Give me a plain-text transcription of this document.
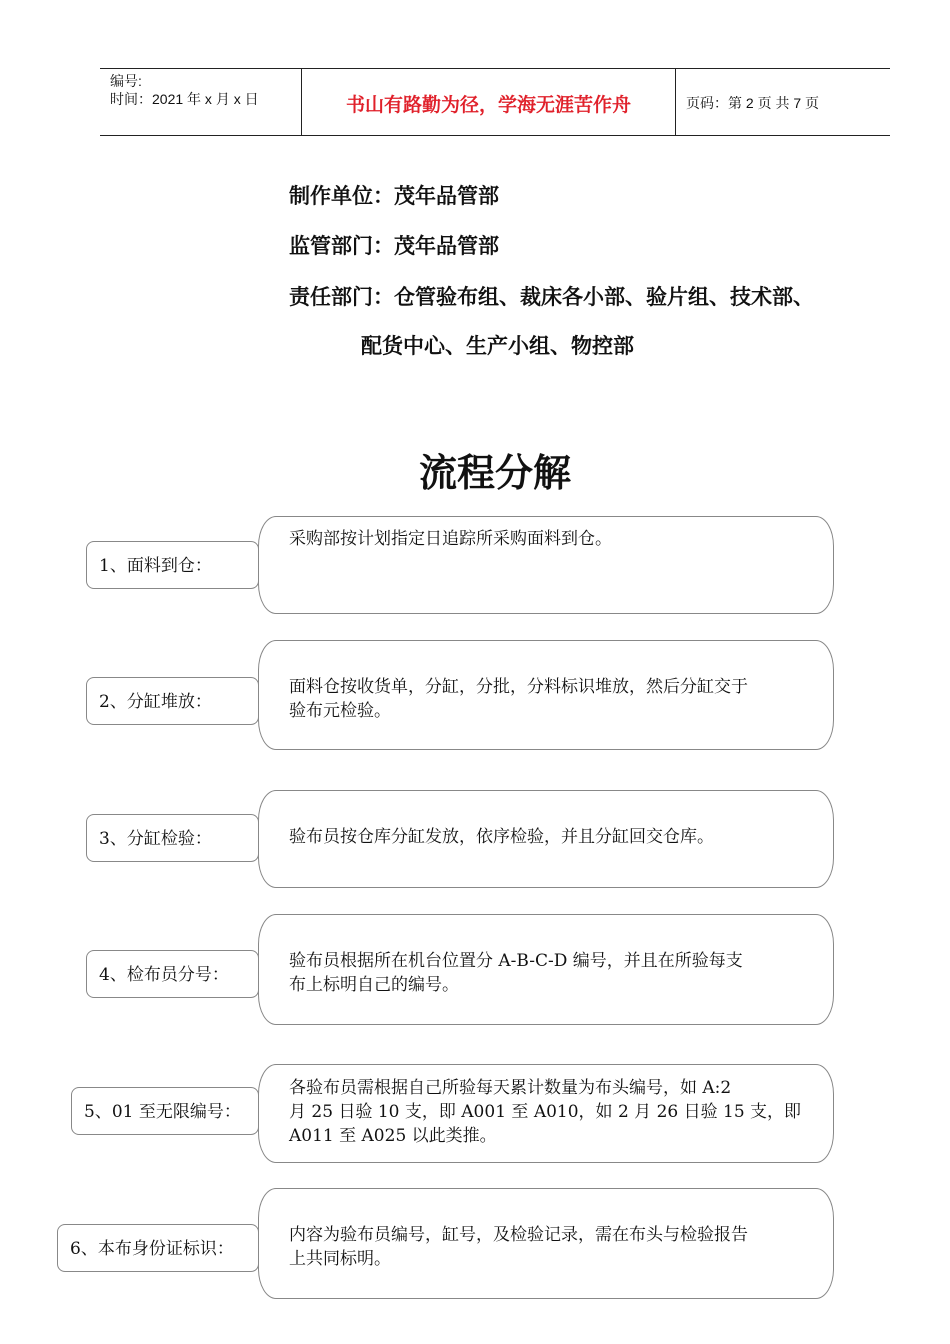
编号:
时间：2021 年 x 月 x 日	书山有路勤为径，学海无涯苦作舟	页码：第 2 页 共 7 页
制作单位：茂年品管部
监管部门：茂年品管部
责任部门：仓管验布组、裁床各小部、验片组、技术部、
配货中心、生产小组、物控部
流程分解
1、面料到仓：
采购部按计划指定日追踪所采购面料到仓。
2、分缸堆放：
面料仓按收货单，分缸，分批，分料标识堆放，然后分缸交于
验布元检验。
3、分缸检验：	验布员按仓库分缸发放，依序检验，并且分缸回交仓库。
4、检布员分号：
验布员根据所在机台位置分 A-B-C-D 编号，并且在所验每支
布上标明自己的编号。
5、01 至无限编号：
各验布员需根据自己所验每天累计数量为布头编号，如 A:2
月 25 日验 10 支，即 A001 至 A010，如 2 月 26 日验 15 支，即
A011 至 A025 以此类推。
6、本布身份证标识：
内容为验布员编号，缸号，及检验记录，需在布头与检验报告
上共同标明。
